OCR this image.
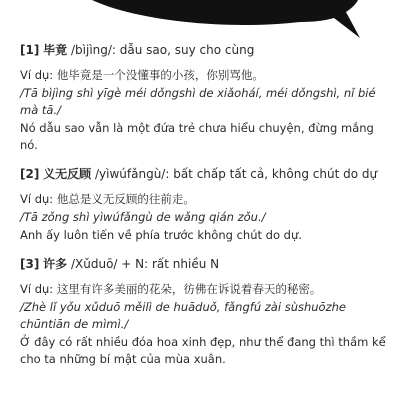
[1] 毕竟 /bìjìng/: dẫu sao, suy cho cùng

Ví dụ: 他毕竟是一个没懂事的小孩，你别骂他。

/Tā bìjìng shì yīgè méi dǒngshì de xiǎoháí, méi dǒngshì, nǐ bié mà tā./

Nó dẫu sao vẫn là một đứa trẻ chưa hiểu chuyện, đừng mắng nó.

[2] 义无反顾 /yìwúfǎngù/: bất chấp tất cả, không chút do dự

Ví dụ: 他总是义无反顾的往前走。

/Tā zǒng shì yìwúfǎngù de wǎng qián zǒu./

Anh ấy luôn tiến về phía trước không chút do dự.

[3] 许多 /Xǔduō/ + N: rất nhiều N

Ví dụ: 这里有许多美丽的花朵，彷佛在诉说着春天的秘密。

/Zhè lǐ yǒu xǔduō měilì de huāduǒ, fǎngfú zài sùshuōzhe chūntiān de mìmì./

Ở đây có rất nhiều đóa hoa xinh đẹp, như thể đang thì thầm kể cho ta những bí mật của mùa xuân.
